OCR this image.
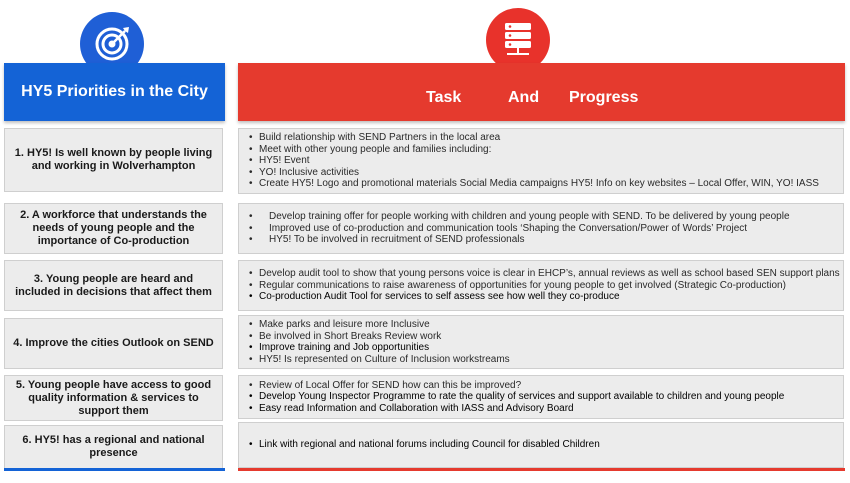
HY5 Priorities in the City	Task	And Progress
1. HY5! Is well known by people living and working in Wolverhampton
2. A workforce that understands the needs of young people and the importance of Co-production
3. Young people are heard and included in decisions that affect them
4. Improve the cities Outlook on SEND
5. Young people have access to good quality information & services to support them
6. HY5! has a regional and national presence
• Build relationship with SEND Partners in the local area
• Meet with other young people and families including:
• HY5! Event
• YO! Inclusive activities
• Create HY5! Logo and promotional materials Social Media campaigns HY5! Info on key websites – Local Offer, WIN, YO! IASS
• Develop training offer for people working with children and young people with SEND. To be delivered by young people
• Improved use of co-production and communication tools ‘Shaping the Conversation/Power of Words’ Project
• HY5! To be involved in recruitment of SEND professionals
• Develop audit tool to show that young persons voice is clear in EHCP’s, annual reviews as well as school based SEN support plans
• Regular communications to raise awareness of opportunities for young people to get involved (Strategic Co-production)
• Co-production Audit Tool for services to self assess see how well they co-produce
• Make parks and leisure more Inclusive
• Be involved in Short Breaks Review work
• Improve training and Job opportunities
• HY5! Is represented on Culture of Inclusion workstreams
• Review of Local Offer for SEND how can this be improved?
• Develop Young Inspector Programme to rate the quality of services and support available to children and young people
• Easy read Information and Collaboration with IASS and Advisory Board
• Link with regional and national forums including Council for disabled Children
